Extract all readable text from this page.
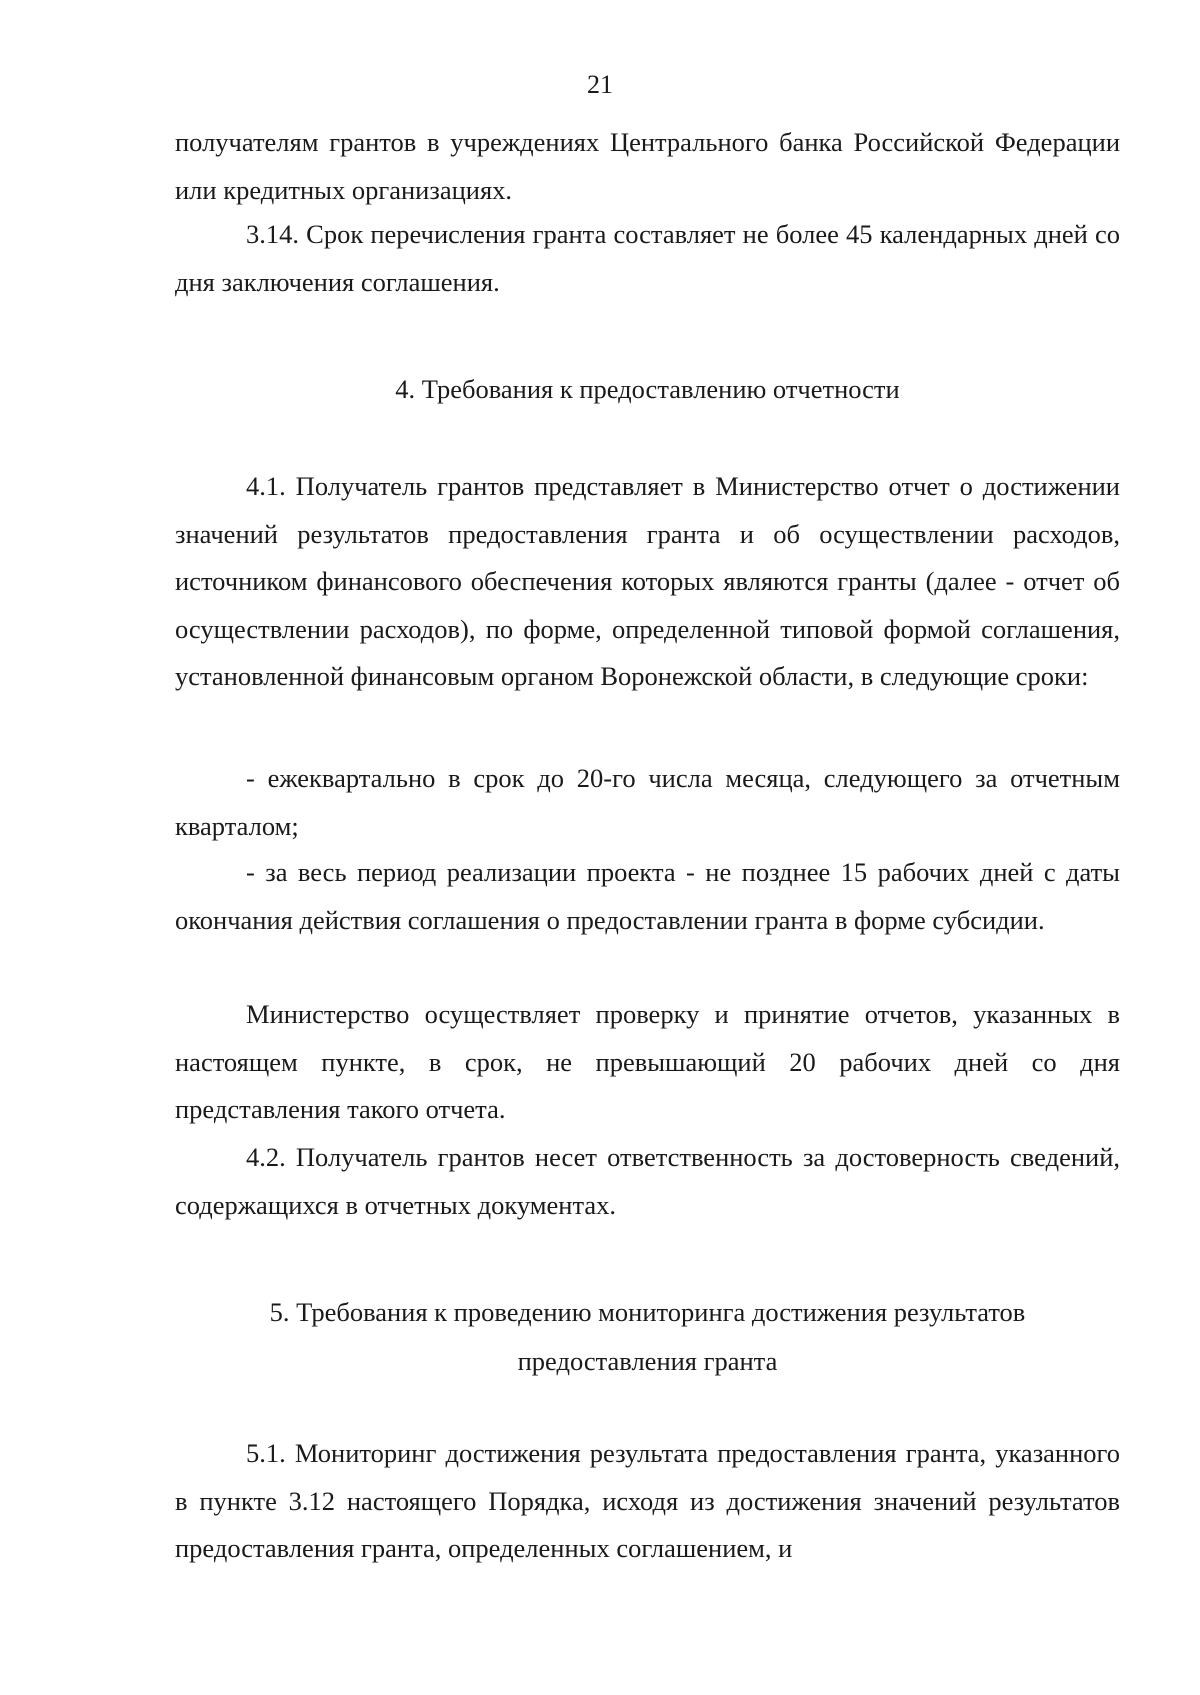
21

получателям грантов в учреждениях Центрального банка Российской Федерации или кредитных организациях.

3.14. Срок перечисления гранта составляет не более 45 календарных дней со дня заключения соглашения.

4. Требования к предоставлению отчетности

4.1. Получатель грантов представляет в Министерство отчет о достижении значений результатов предоставления гранта и об осуществлении расходов, источником финансового обеспечения которых являются гранты (далее - отчет об осуществлении расходов), по форме, определенной типовой формой соглашения, установленной финансовым органом Воронежской области, в следующие сроки:

- ежеквартально в срок до 20-го числа месяца, следующего за отчетным кварталом;

- за весь период реализации проекта - не позднее 15 рабочих дней с даты окончания действия соглашения о предоставлении гранта в форме субсидии.

Министерство осуществляет проверку и принятие отчетов, указанных в настоящем пункте, в срок, не превышающий 20 рабочих дней со дня представления такого отчета.

4.2. Получатель грантов несет ответственность за достоверность сведений, содержащихся в отчетных документах.

5. Требования к проведению мониторинга достижения результатов
предоставления гранта

5.1. Мониторинг достижения результата предоставления гранта, указанного в пункте 3.12 настоящего Порядка, исходя из достижения значений результатов предоставления гранта, определенных соглашением, и
